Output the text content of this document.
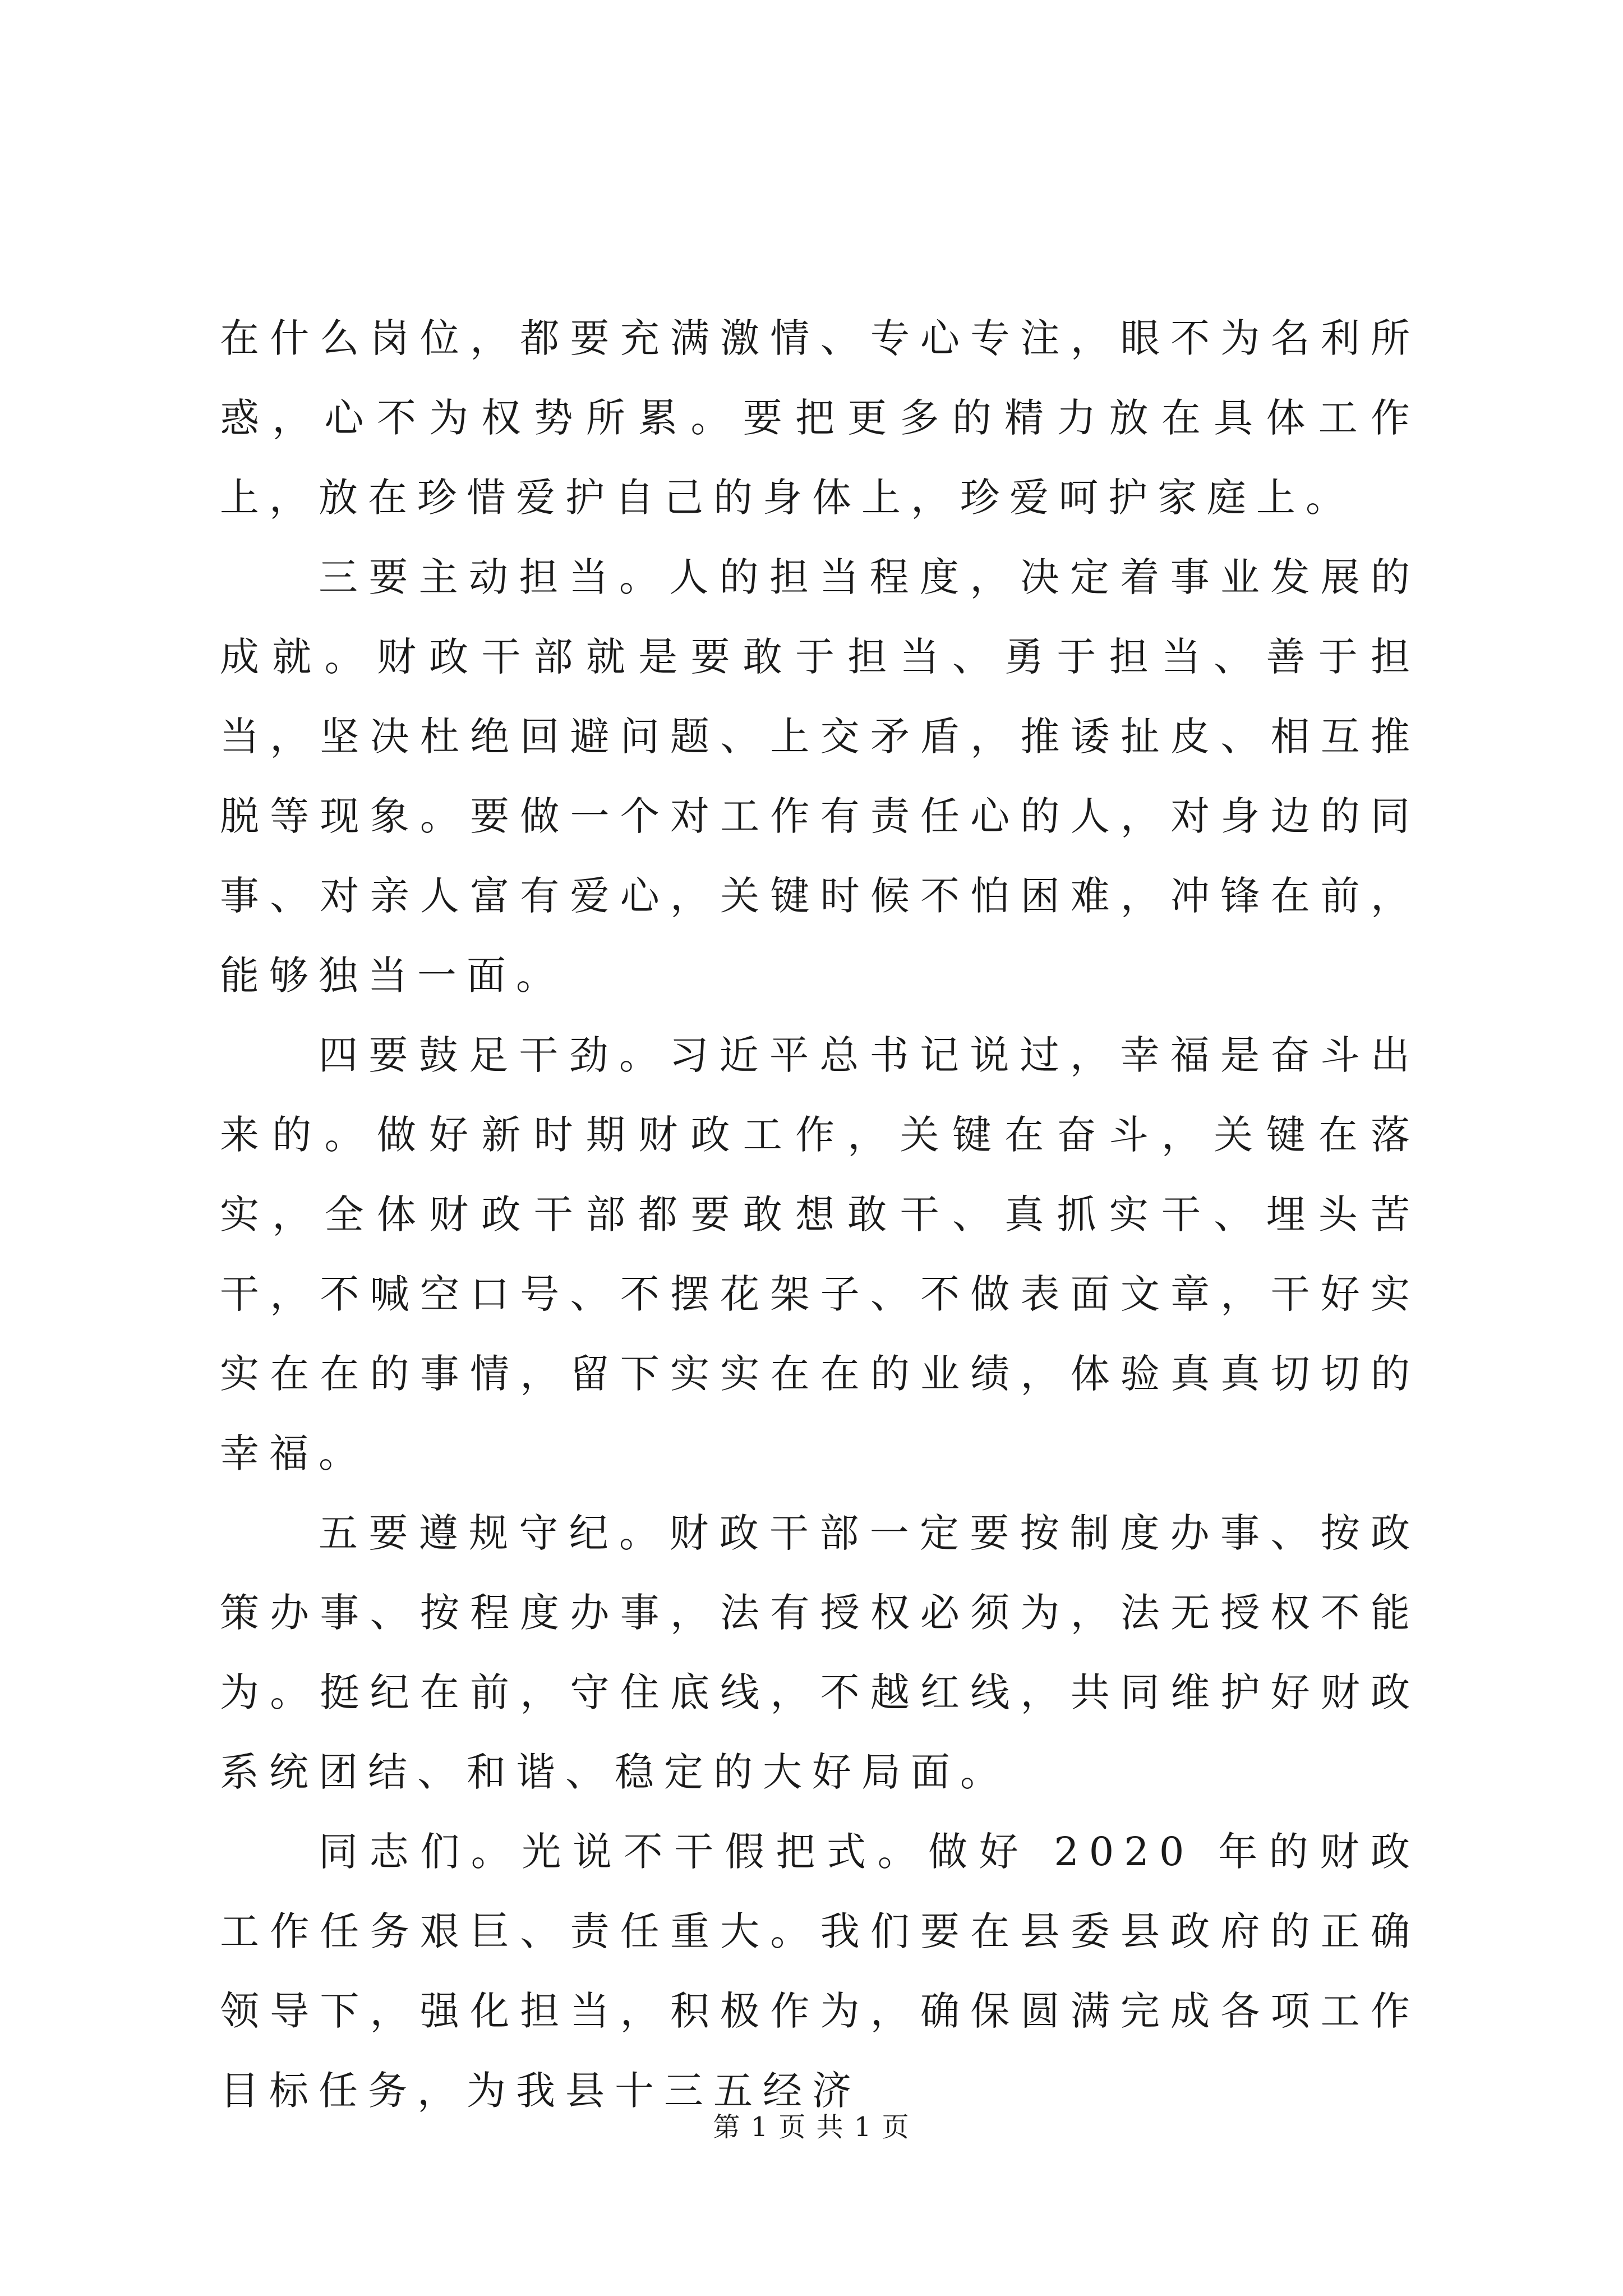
在什么岗位，都要充满激情、专心专注，眼不为名利所惑，心不为权势所累。要把更多的精力放在具体工作上，放在珍惜爱护自己的身体上，珍爱呵护家庭上。

三要主动担当。人的担当程度，决定着事业发展的成就。财政干部就是要敢于担当、勇于担当、善于担当，坚决杜绝回避问题、上交矛盾，推诿扯皮、相互推脱等现象。要做一个对工作有责任心的人，对身边的同事、对亲人富有爱心，关键时候不怕困难，冲锋在前，能够独当一面。

四要鼓足干劲。习近平总书记说过，幸福是奋斗出来的。做好新时期财政工作，关键在奋斗，关键在落实，全体财政干部都要敢想敢干、真抓实干、埋头苦干，不喊空口号、不摆花架子、不做表面文章，干好实实在在的事情，留下实实在在的业绩，体验真真切切的幸福。

五要遵规守纪。财政干部一定要按制度办事、按政策办事、按程度办事，法有授权必须为，法无授权不能为。挺纪在前，守住底线，不越红线，共同维护好财政系统团结、和谐、稳定的大好局面。

同志们。光说不干假把式。做好 2020 年的财政工作任务艰巨、责任重大。我们要在县委县政府的正确领导下，强化担当，积极作为，确保圆满完成各项工作目标任务，为我县十三五经济

第 1 页 共 1 页
